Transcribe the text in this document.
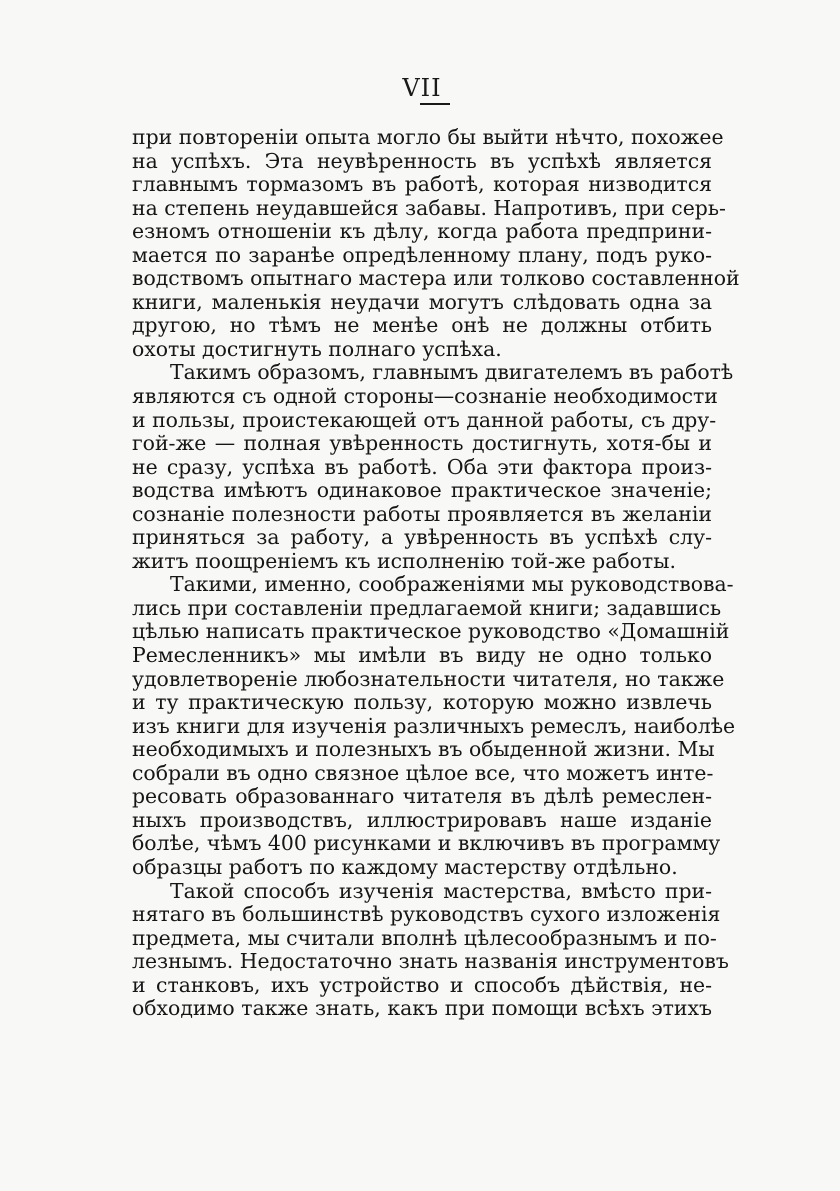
VII
при повтореніи опыта могло бы выйти нѣчто, похожее
на успѣхъ. Эта неувѣренность въ успѣхѣ является
главнымъ тормазомъ въ работѣ, которая низводится
на степень неудавшейся забавы. Напротивъ, при серь-
езномъ отношеніи къ дѣлу, когда работа предприни-
мается по заранѣе опредѣленному плану, подъ руко-
водствомъ опытнаго мастера или толково составленной
книги, маленькія неудачи могутъ слѣдовать одна за
другою, но тѣмъ не менѣе онѣ не должны отбить
охоты достигнуть полнаго успѣха.
Такимъ образомъ, главнымъ двигателемъ въ работѣ
являются съ одной стороны—сознаніе необходимости
и пользы, проистекающей отъ данной работы, съ дру-
гой-же — полная увѣренность достигнуть, хотя-бы и
не сразу, успѣха въ работѣ. Оба эти фактора произ-
водства имѣютъ одинаковое практическое значеніе;
сознаніе полезности работы проявляется въ желаніи
приняться за работу, а увѣренность въ успѣхѣ слу-
житъ поощреніемъ къ исполненію той-же работы.
Такими, именно, соображеніями мы руководствова-
лись при составленіи предлагаемой книги; задавшись
цѣлью написать практическое руководство «Домашній
Ремесленникъ» мы имѣли въ виду не одно только
удовлетвореніе любознательности читателя, но также
и ту практическую пользу, которую можно извлечь
изъ книги для изученія различныхъ ремеслъ, наиболѣе
необходимыхъ и полезныхъ въ обыденной жизни. Мы
собрали въ одно связное цѣлое все, что можетъ инте-
ресовать образованнаго читателя въ дѣлѣ ремеслен-
ныхъ производствъ, иллюстрировавъ наше изданіе
болѣе, чѣмъ 400 рисунками и включивъ въ программу
образцы работъ по каждому мастерству отдѣльно.
Такой способъ изученія мастерства, вмѣсто при-
нятаго въ большинствѣ руководствъ сухого изложенія
предмета, мы считали вполнѣ цѣлесообразнымъ и по-
лезнымъ. Недостаточно знать названія инструментовъ
и станковъ, ихъ устройство и способъ дѣйствія, не-
обходимо также знать, какъ при помощи всѣхъ этихъ
